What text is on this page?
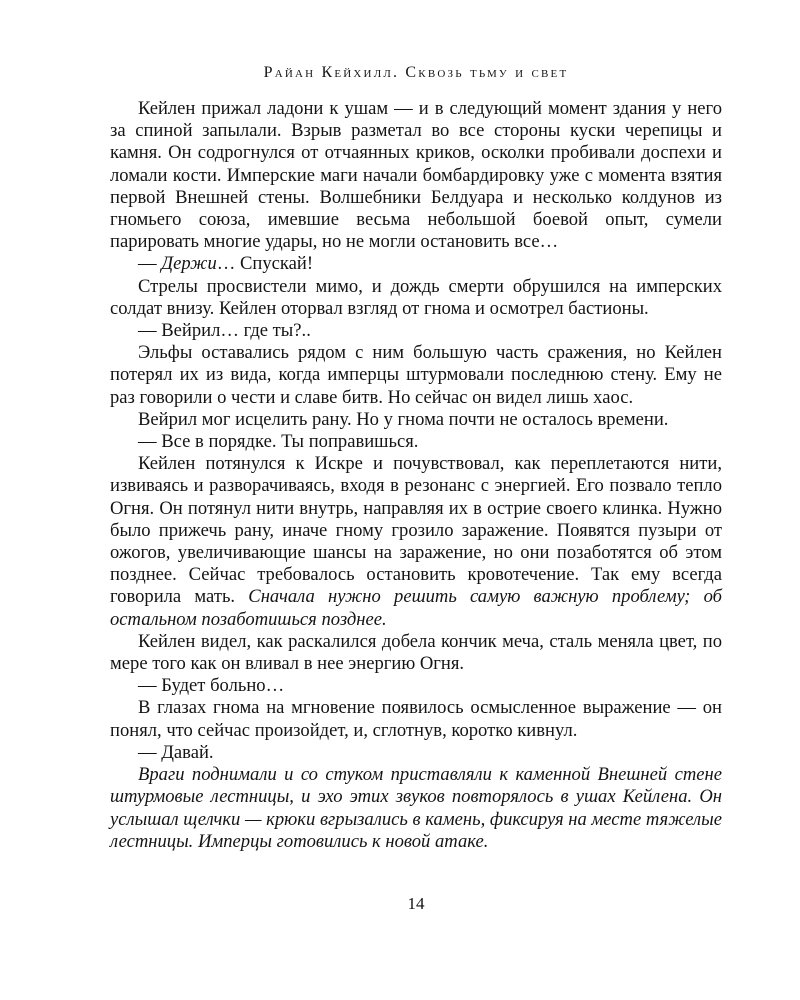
Райан Кейхилл. Сквозь тьму и свет

Кейлен прижал ладони к ушам — и в следующий момент здания у него за спиной запылали. Взрыв разметал во все стороны куски черепицы и камня. Он содрогнулся от отчаянных криков, осколки пробивали доспехи и ломали кости. Имперские маги начали бомбардировку уже с момента взятия первой Внешней стены. Волшебники Белдуара и несколько колдунов из гномьего союза, имевшие весьма небольшой боевой опыт, сумели парировать многие удары, но не могли остановить все…

— Держи… Спускай!

Стрелы просвистели мимо, и дождь смерти обрушился на имперских солдат внизу. Кейлен оторвал взгляд от гнома и осмотрел бастионы.

— Вейрил… где ты?..

Эльфы оставались рядом с ним большую часть сражения, но Кейлен потерял их из вида, когда имперцы штурмовали последнюю стену. Ему не раз говорили о чести и славе битв. Но сейчас он видел лишь хаос.

Вейрил мог исцелить рану. Но у гнома почти не осталось времени.

— Все в порядке. Ты поправишься.

Кейлен потянулся к Искре и почувствовал, как переплетаются нити, извиваясь и разворачиваясь, входя в резонанс с энергией. Его позвало тепло Огня. Он потянул нити внутрь, направляя их в острие своего клинка. Нужно было прижечь рану, иначе гному грозило заражение. Появятся пузыри от ожогов, увеличивающие шансы на заражение, но они позаботятся об этом позднее. Сейчас требовалось остановить кровотечение. Так ему всегда говорила мать. Сначала нужно решить самую важную проблему; об остальном позаботишься позднее.

Кейлен видел, как раскалился добела кончик меча, сталь меняла цвет, по мере того как он вливал в нее энергию Огня.

— Будет больно…

В глазах гнома на мгновение появилось осмысленное выражение — он понял, что сейчас произойдет, и, сглотнув, коротко кивнул.

— Давай.

Враги поднимали и со стуком приставляли к каменной Внешней стене штурмовые лестницы, и эхо этих звуков повторялось в ушах Кейлена. Он услышал щелчки — крюки вгрызались в камень, фиксируя на месте тяжелые лестницы. Имперцы готовились к новой атаке.

14
